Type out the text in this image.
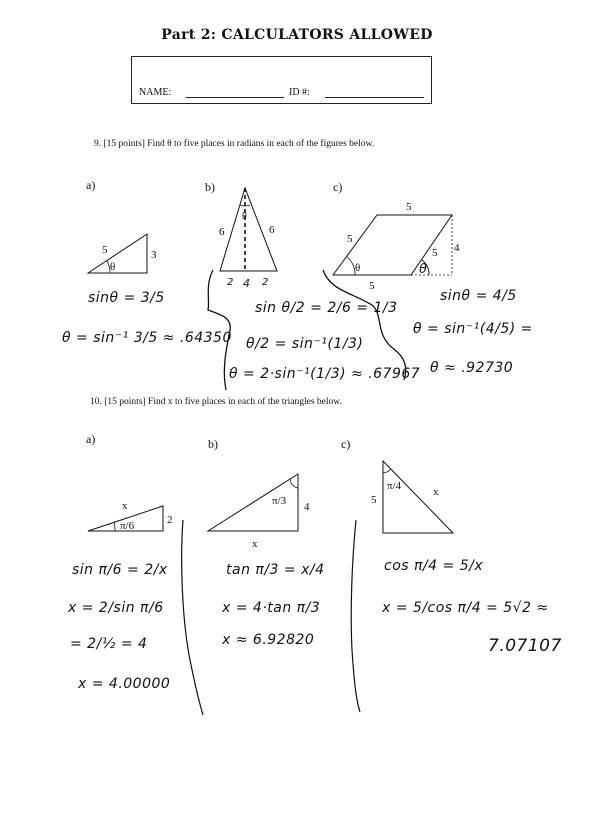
Part 2: CALCULATORS ALLOWED
NAME:	ID #:
9. [15 points] Find θ to five places in radians in each of the figures below.
a)	b)	c)
5	3
θ
6	6
θ
2 4 2
5
5
5
4
5
θ	θ
sinθ = 3/5
θ = sin⁻¹ 3/5 ≈ .64350
sin θ/2 = 2/6 = 1/3
θ/2 = sin⁻¹(1/3)
θ = 2·sin⁻¹(1/3) ≈ .67967
sinθ = 4/5
θ = sin⁻¹(4/5) =
θ ≈ .92730
10. [15 points] Find x to five places in each of the triangles below.
a)	b)	c)
x
2
π/6
π/3 4
x
π/4
5
x
sin π/6 = 2/x
x = 2/sin π/6
= 2/½ = 4
x = 4.00000
tan π/3 = x/4
x = 4·tan π/3
x ≈ 6.92820
cos π/4 = 5/x
x = 5/cos π/4 = 5√2 ≈
7.07107
